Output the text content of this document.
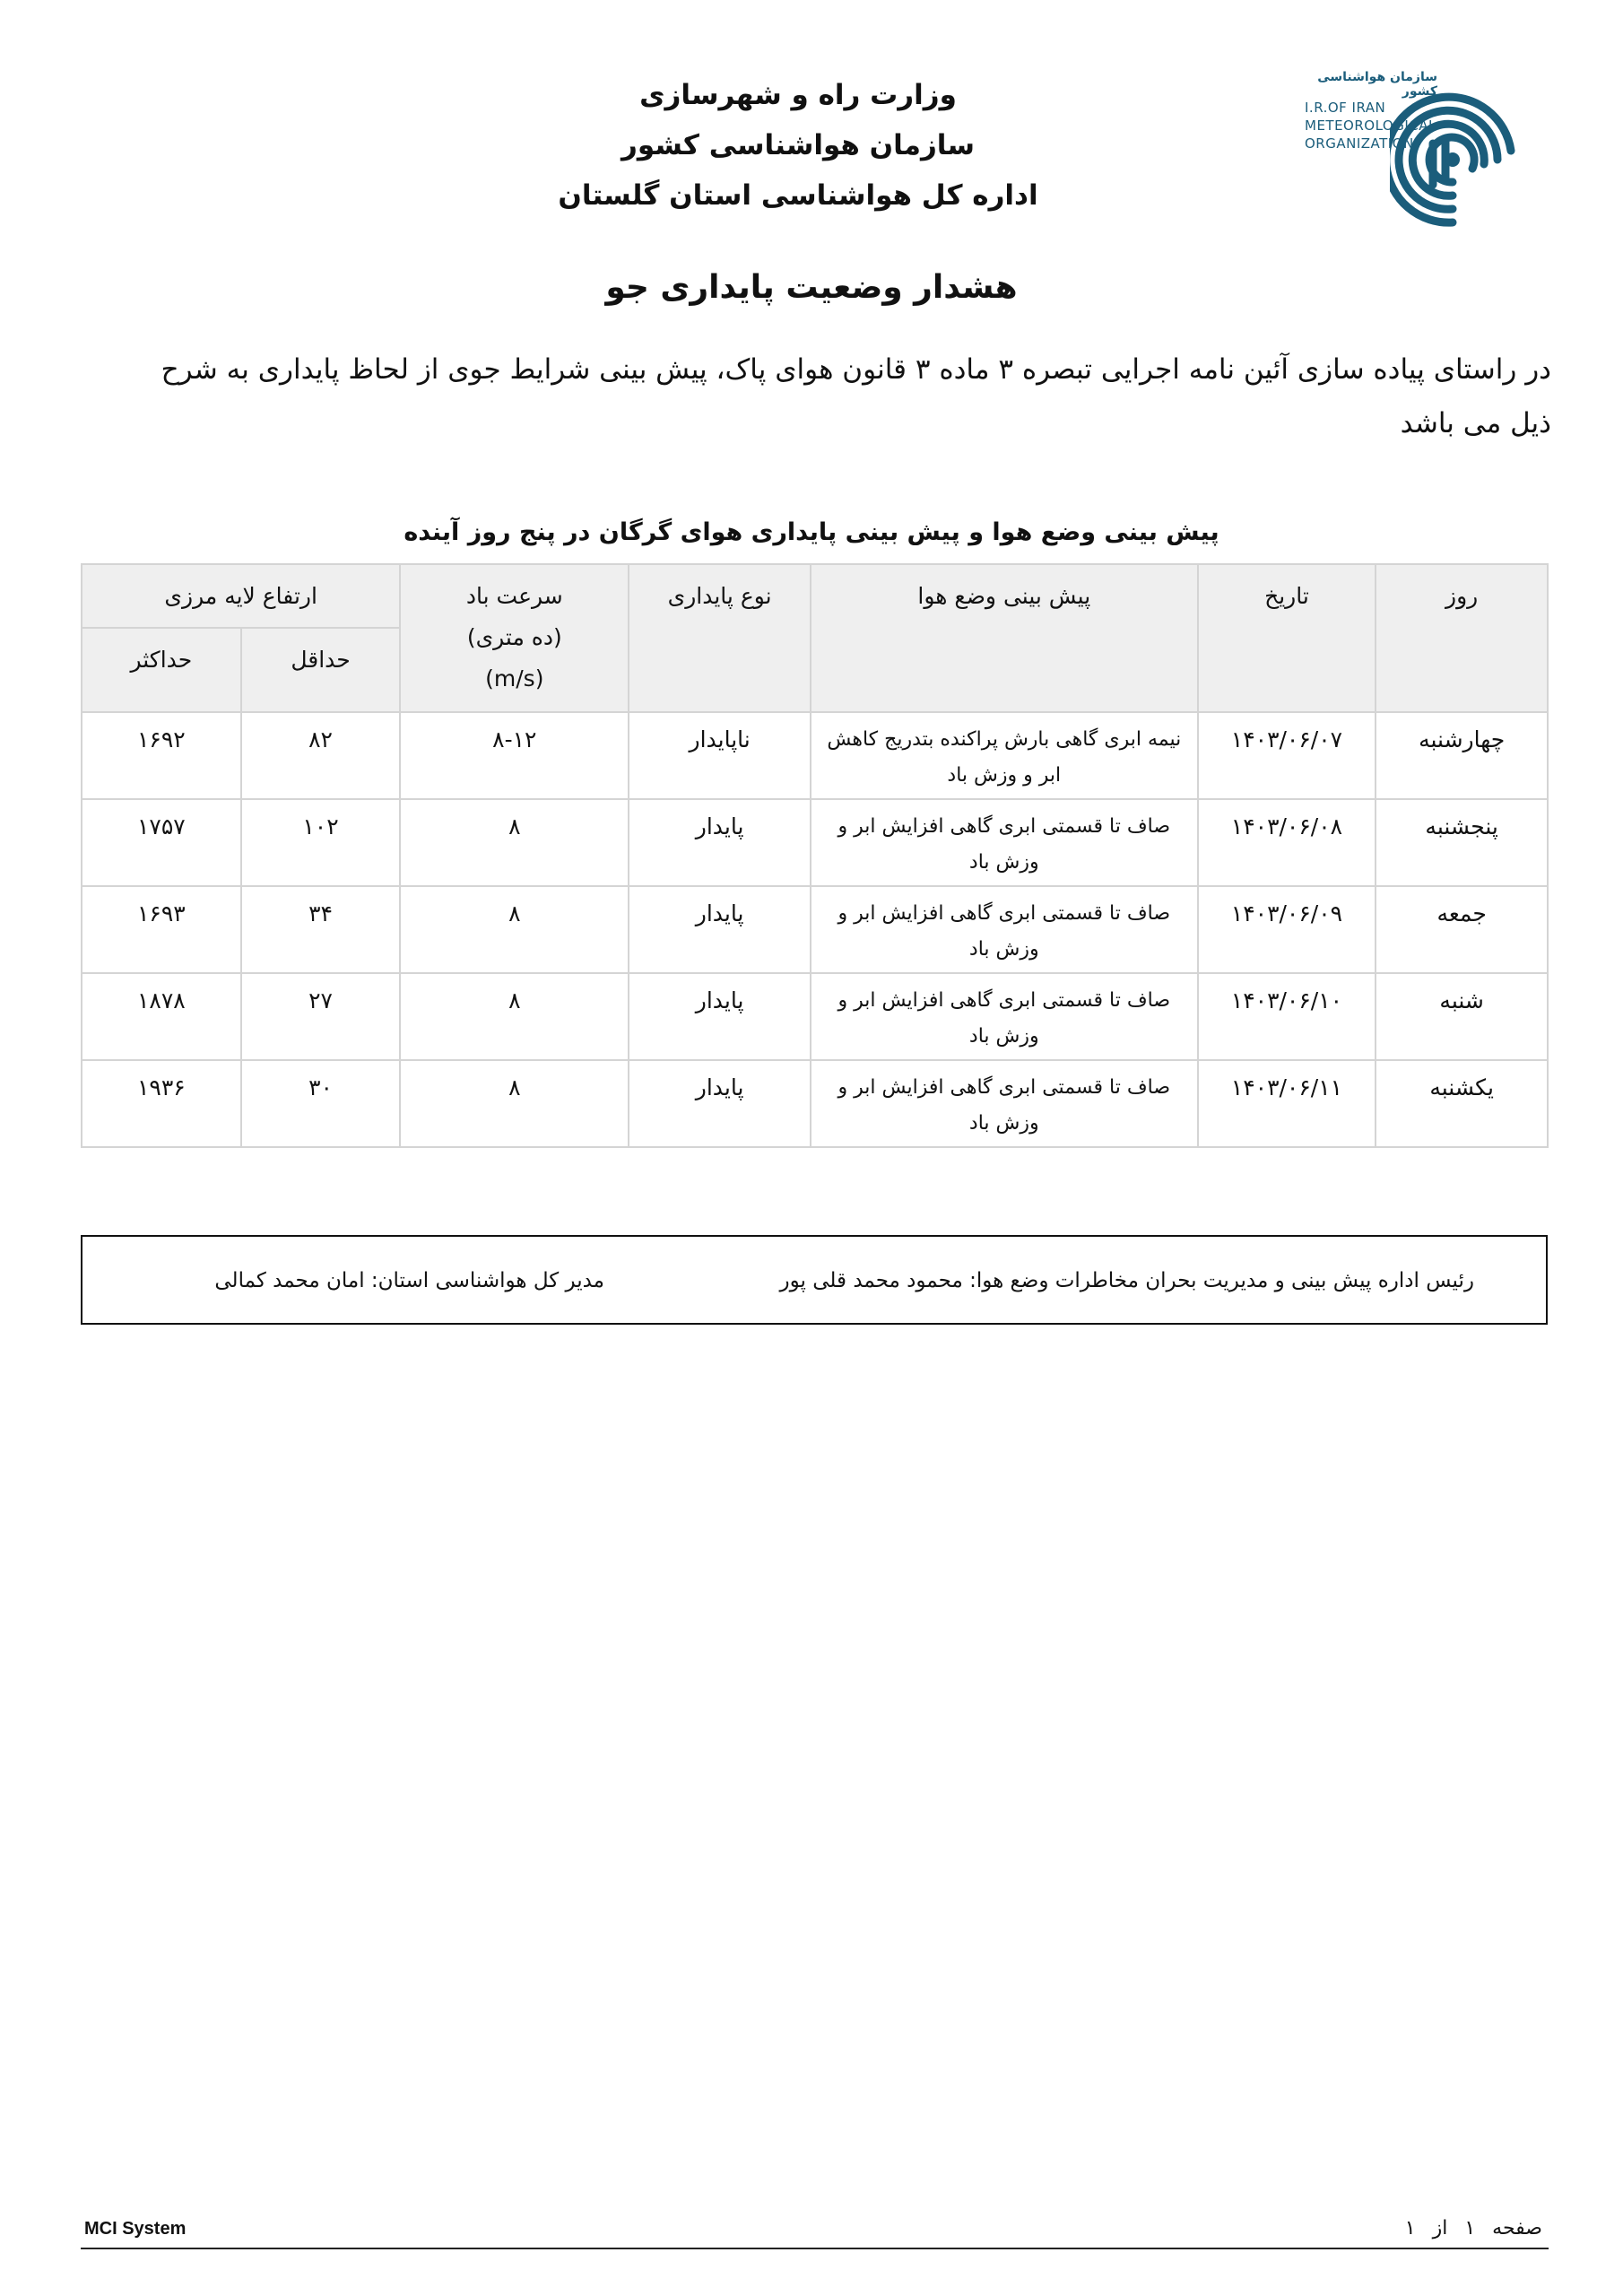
وزارت راه و شهرسازی
سازمان هواشناسی کشور
اداره کل هواشناسی استان گلستان
سازمان هواشناسی کشور
I.R.OF IRAN
METEOROLOGICAL
ORGANIZATION
هشدار وضعیت پایداری جو
در راستای پیاده سازی آئین نامه اجرایی تبصره ۳ ماده ۳ قانون هوای پاک، پیش بینی شرایط جوی از لحاظ پایداری به شرح ذیل می باشد
پیش بینی وضع هوا و پیش بینی پایداری هوای گرگان در پنج روز آینده
روز	تاریخ	پیش بینی وضع هوا	نوع پایداری	سرعت باد
(ده متری)
(m/s)	ارتفاع لایه مرزی	
					حداقل	حداکثر
چهارشنبه	۱۴۰۳/۰۶/۰۷	نیمه ابری گاهی بارش پراکنده بتدریج کاهش ابر و وزش باد	ناپایدار	۸-۱۲	۸۲	۱۶۹۲
پنجشنبه	۱۴۰۳/۰۶/۰۸	صاف تا قسمتی ابری گاهی افزایش ابر و وزش باد	پایدار	۸	۱۰۲	۱۷۵۷
جمعه	۱۴۰۳/۰۶/۰۹	صاف تا قسمتی ابری گاهی افزایش ابر و وزش باد	پایدار	۸	۳۴	۱۶۹۳
شنبه	۱۴۰۳/۰۶/۱۰	صاف تا قسمتی ابری گاهی افزایش ابر و وزش باد	پایدار	۸	۲۷	۱۸۷۸
یکشنبه	۱۴۰۳/۰۶/۱۱	صاف تا قسمتی ابری گاهی افزایش ابر و وزش باد	پایدار	۸	۳۰	۱۹۳۶
رئیس اداره پیش بینی و مدیریت بحران مخاطرات وضع هوا: محمود محمد قلی پور
مدیر کل هواشناسی استان: امان محمد کمالی
MCI System	صفحه ۱ از ۱
